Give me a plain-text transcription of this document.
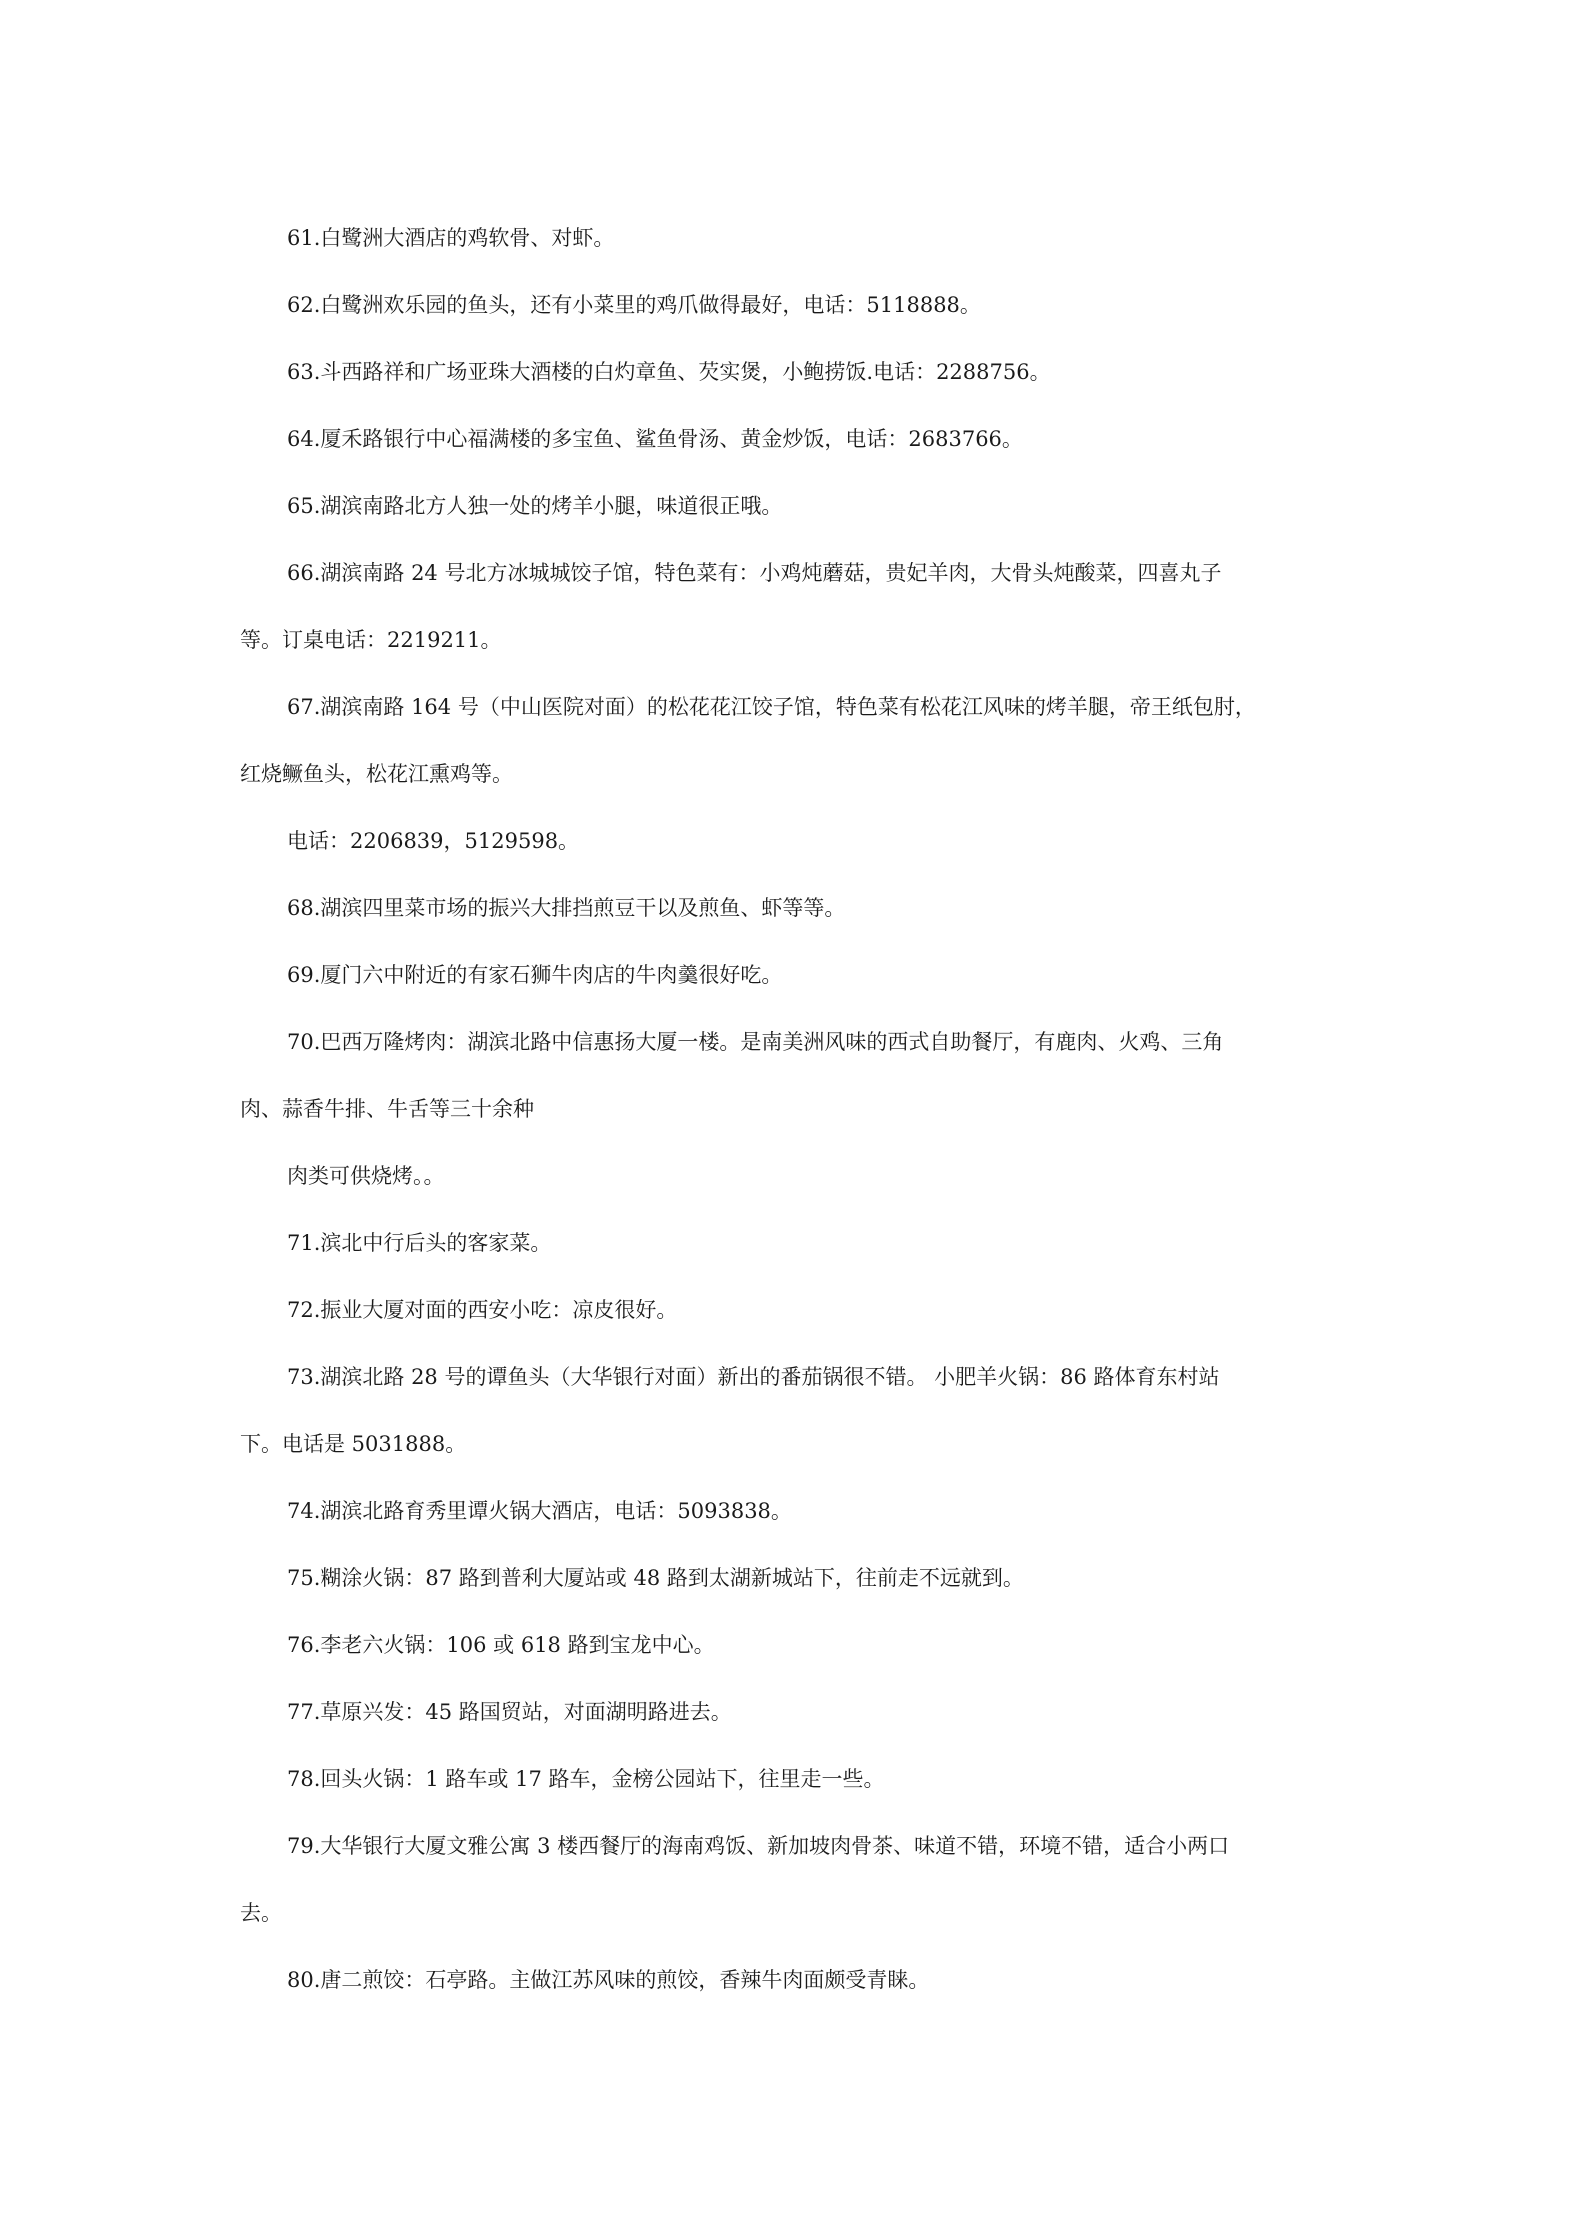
61.白鹭洲大酒店的鸡软骨、对虾。
62.白鹭洲欢乐园的鱼头，还有小菜里的鸡爪做得最好，电话：5118888。
63.斗西路祥和广场亚珠大酒楼的白灼章鱼、芡实煲，小鲍捞饭.电话：2288756。
64.厦禾路银行中心福满楼的多宝鱼、鲨鱼骨汤、黄金炒饭，电话：2683766。
65.湖滨南路北方人独一处的烤羊小腿，味道很正哦。
66.湖滨南路 24 号北方冰城城饺子馆，特色菜有：小鸡炖蘑菇，贵妃羊肉，大骨头炖酸菜，四喜丸子
等。订桌电话：2219211。
67.湖滨南路 164 号（中山医院对面）的松花花江饺子馆，特色菜有松花江风味的烤羊腿，帝王纸包肘，
红烧鳜鱼头，松花江熏鸡等。
电话：2206839，5129598。
68.湖滨四里菜市场的振兴大排挡煎豆干以及煎鱼、虾等等。
69.厦门六中附近的有家石狮牛肉店的牛肉羹很好吃。
70.巴西万隆烤肉：湖滨北路中信惠扬大厦一楼。是南美洲风味的西式自助餐厅，有鹿肉、火鸡、三角
肉、蒜香牛排、牛舌等三十余种
肉类可供烧烤。。
71.滨北中行后头的客家菜。
72.振业大厦对面的西安小吃：凉皮很好。
73.湖滨北路 28 号的谭鱼头（大华银行对面）新出的番茄锅很不错。 小肥羊火锅：86 路体育东村站
下。电话是 5031888。
74.湖滨北路育秀里谭火锅大酒店，电话：5093838。
75.糊涂火锅：87 路到普利大厦站或 48 路到太湖新城站下，往前走不远就到。
76.李老六火锅：106 或 618 路到宝龙中心。
77.草原兴发：45 路国贸站，对面湖明路进去。
78.回头火锅：1 路车或 17 路车，金榜公园站下，往里走一些。
79.大华银行大厦文雅公寓 3 楼西餐厅的海南鸡饭、新加坡肉骨茶、味道不错，环境不错，适合小两口
去。
80.唐二煎饺：石亭路。主做江苏风味的煎饺，香辣牛肉面颇受青睐。
